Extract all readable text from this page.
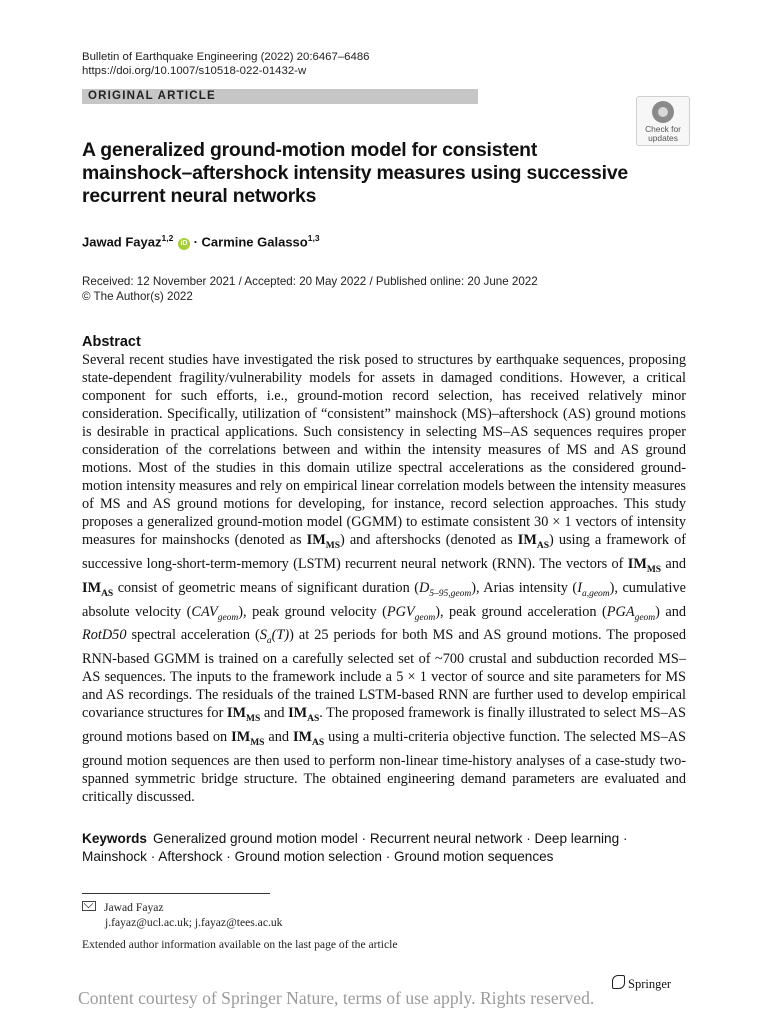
Bulletin of Earthquake Engineering (2022) 20:6467–6486
https://doi.org/10.1007/s10518-022-01432-w
ORIGINAL ARTICLE
Check for
updates
A generalized ground-motion model for consistent mainshock–aftershock intensity measures using successive recurrent neural networks
Jawad Fayaz$^{1,2}$ iD · Carmine Galasso$^{1,3}$
Received: 12 November 2021 / Accepted: 20 May 2022 / Published online: 20 June 2022
© The Author(s) 2022
Abstract
Several recent studies have investigated the risk posed to structures by earthquake sequences, proposing state-dependent fragility/vulnerability models for assets in damaged conditions. However, a critical component for such efforts, i.e., ground-motion record selection, has received relatively minor consideration. Specifically, utilization of “consistent” mainshock (MS)–aftershock (AS) ground motions is desirable in practical applications. Such consistency in selecting MS–AS sequences requires proper consideration of the correlations between and within the intensity measures of MS and AS ground motions. Most of the studies in this domain utilize spectral accelerations as the considered ground-motion intensity measures and rely on empirical linear correlation models between the intensity measures of MS and AS ground motions for developing, for instance, record selection approaches. This study proposes a generalized ground-motion model (GGMM) to estimate consistent 30 × 1 vectors of intensity measures for mainshocks (denoted as $IM_{MS}$) and aftershocks (denoted as $IM_{AS}$) using a framework of successive long-short-term-memory (LSTM) recurrent neural network (RNN). The vectors of $IM_{MS}$ and $IM_{AS}$ consist of geometric means of significant duration $(D_{5-95,geom})$, Arias intensity $(I_{a,geom})$, cumulative absolute velocity $(CAV_{geom})$, peak ground velocity $(PGV_{geom})$, peak ground acceleration $(PGA_{geom})$ and RotD50 spectral acceleration $(S_a(T))$ at 25 periods for both MS and AS ground motions. The proposed RNN-based GGMM is trained on a carefully selected set of ~700 crustal and subduction recorded MS–AS sequences. The inputs to the framework include a 5 × 1 vector of source and site parameters for MS and AS recordings. The residuals of the trained LSTM-based RNN are further used to develop empirical covariance structures for $IM_{MS}$ and $IM_{AS}$. The proposed framework is finally illustrated to select MS–AS ground motions based on $IM_{MS}$ and $IM_{AS}$ using a multi-criteria objective function. The selected MS–AS ground motion sequences are then used to perform non-linear time-history analyses of a case-study two-spanned symmetric bridge structure. The obtained engineering demand parameters are evaluated and critically discussed.
Keywords Generalized ground motion model · Recurrent neural network · Deep learning · Mainshock · Aftershock · Ground motion selection · Ground motion sequences
Jawad Fayaz
j.fayaz@ucl.ac.uk; j.fayaz@tees.ac.uk
Extended author information available on the last page of the article
Springer
Content courtesy of Springer Nature, terms of use apply. Rights reserved.
